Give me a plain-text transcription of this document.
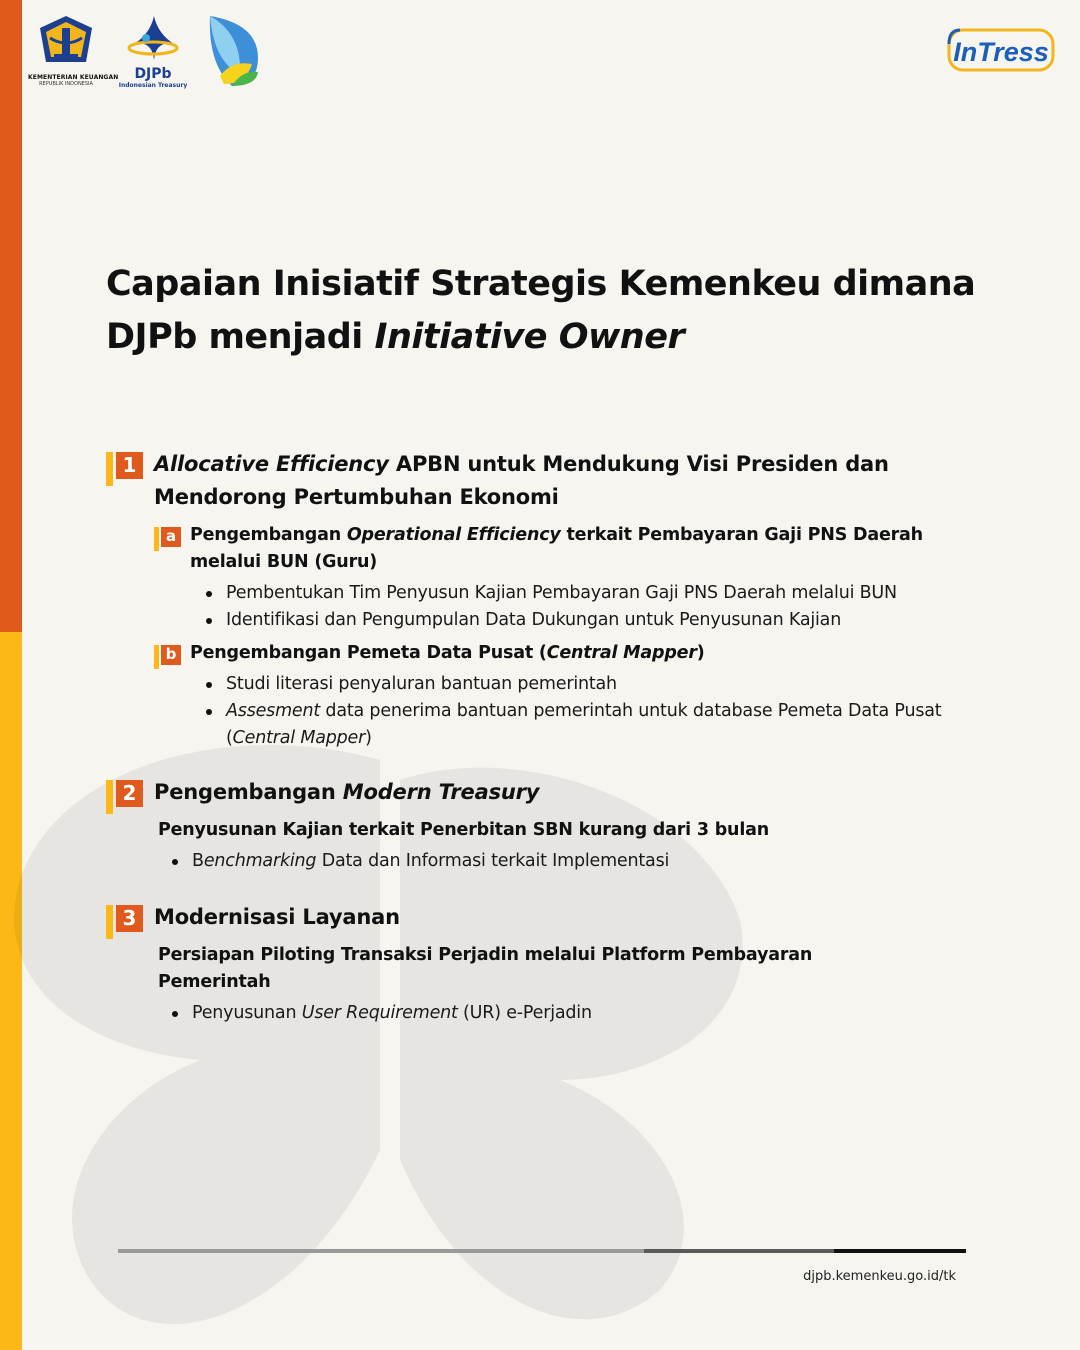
KEMENTERIAN KEUANGAN
REPUBLIK INDONESIA
DJPb
Indonesian Treasury
InTress
Capaian Inisiatif Strategis Kemenkeu dimana
DJPb menjadi Initiative Owner
1 Allocative Efficiency APBN untuk Mendukung Visi Presiden dan Mendorong Pertumbuhan Ekonomi

a Pengembangan Operational Efficiency terkait Pembayaran Gaji PNS Daerah melalui BUN (Guru)

Pembentukan Tim Penyusun Kajian Pembayaran Gaji PNS Daerah melalui BUN
Identifikasi dan Pengumpulan Data Dukungan untuk Penyusunan Kajian
b Pengembangan Pemeta Data Pusat (Central Mapper)

Studi literasi penyaluran bantuan pemerintah
Assesment data penerima bantuan pemerintah untuk database Pemeta Data Pusat (Central Mapper)
2 Pengembangan Modern Treasury

Penyusunan Kajian terkait Penerbitan SBN kurang dari 3 bulan

Benchmarking Data dan Informasi terkait Implementasi
3 Modernisasi Layanan

Persiapan Piloting Transaksi Perjadin melalui Platform Pembayaran Pemerintah

Penyusunan User Requirement (UR) e-Perjadin
djpb.kemenkeu.go.id/tk
